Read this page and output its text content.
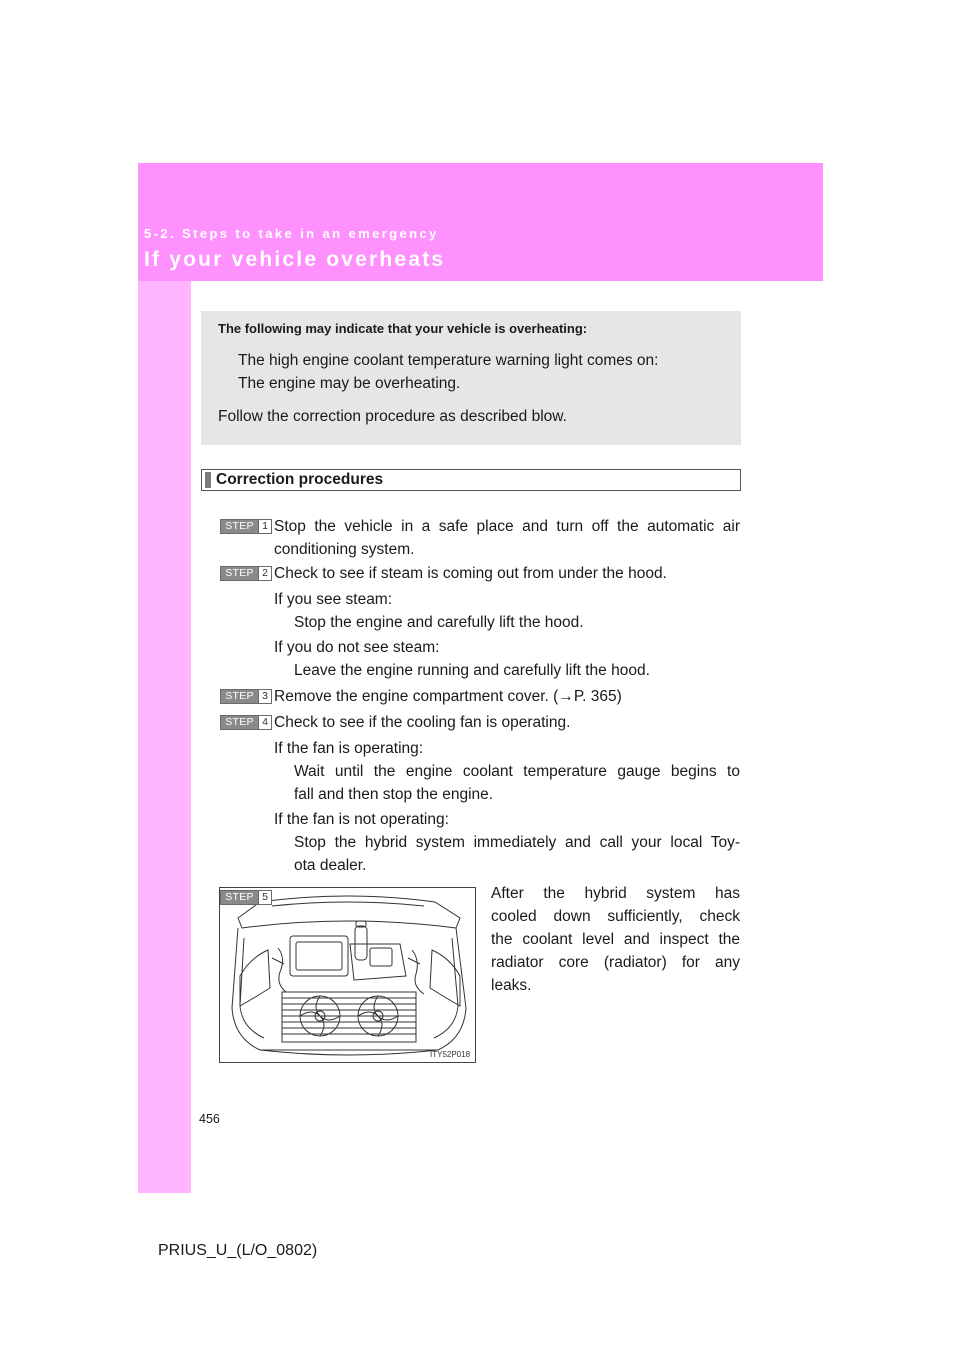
5-2. Steps to take in an emergency
If your vehicle overheats
The following may indicate that your vehicle is overheating:
The high engine coolant temperature warning light comes on:
The engine may be overheating.
Follow the correction procedure as described blow.
Correction procedures
STEP 1 Stop the vehicle in a safe place and turn off the automatic air
conditioning system.
STEP 2 Check to see if steam is coming out from under the hood.
If you see steam:
Stop the engine and carefully lift the hood.
If you do not see steam:
Leave the engine running and carefully lift the hood.
STEP 3 Remove the engine compartment cover. (→P. 365)
STEP 4 Check to see if the cooling fan is operating.
If the fan is operating:
Wait until the engine coolant temperature gauge begins to
fall and then stop the engine.
If the fan is not operating:
Stop the hybrid system immediately and call your local Toy-
ota dealer.
STEP 5
ITY52P018
After the hybrid system has
cooled down sufficiently, check
the coolant level and inspect the
radiator core (radiator) for any
leaks.
456
PRIUS_U_(L/O_0802)
